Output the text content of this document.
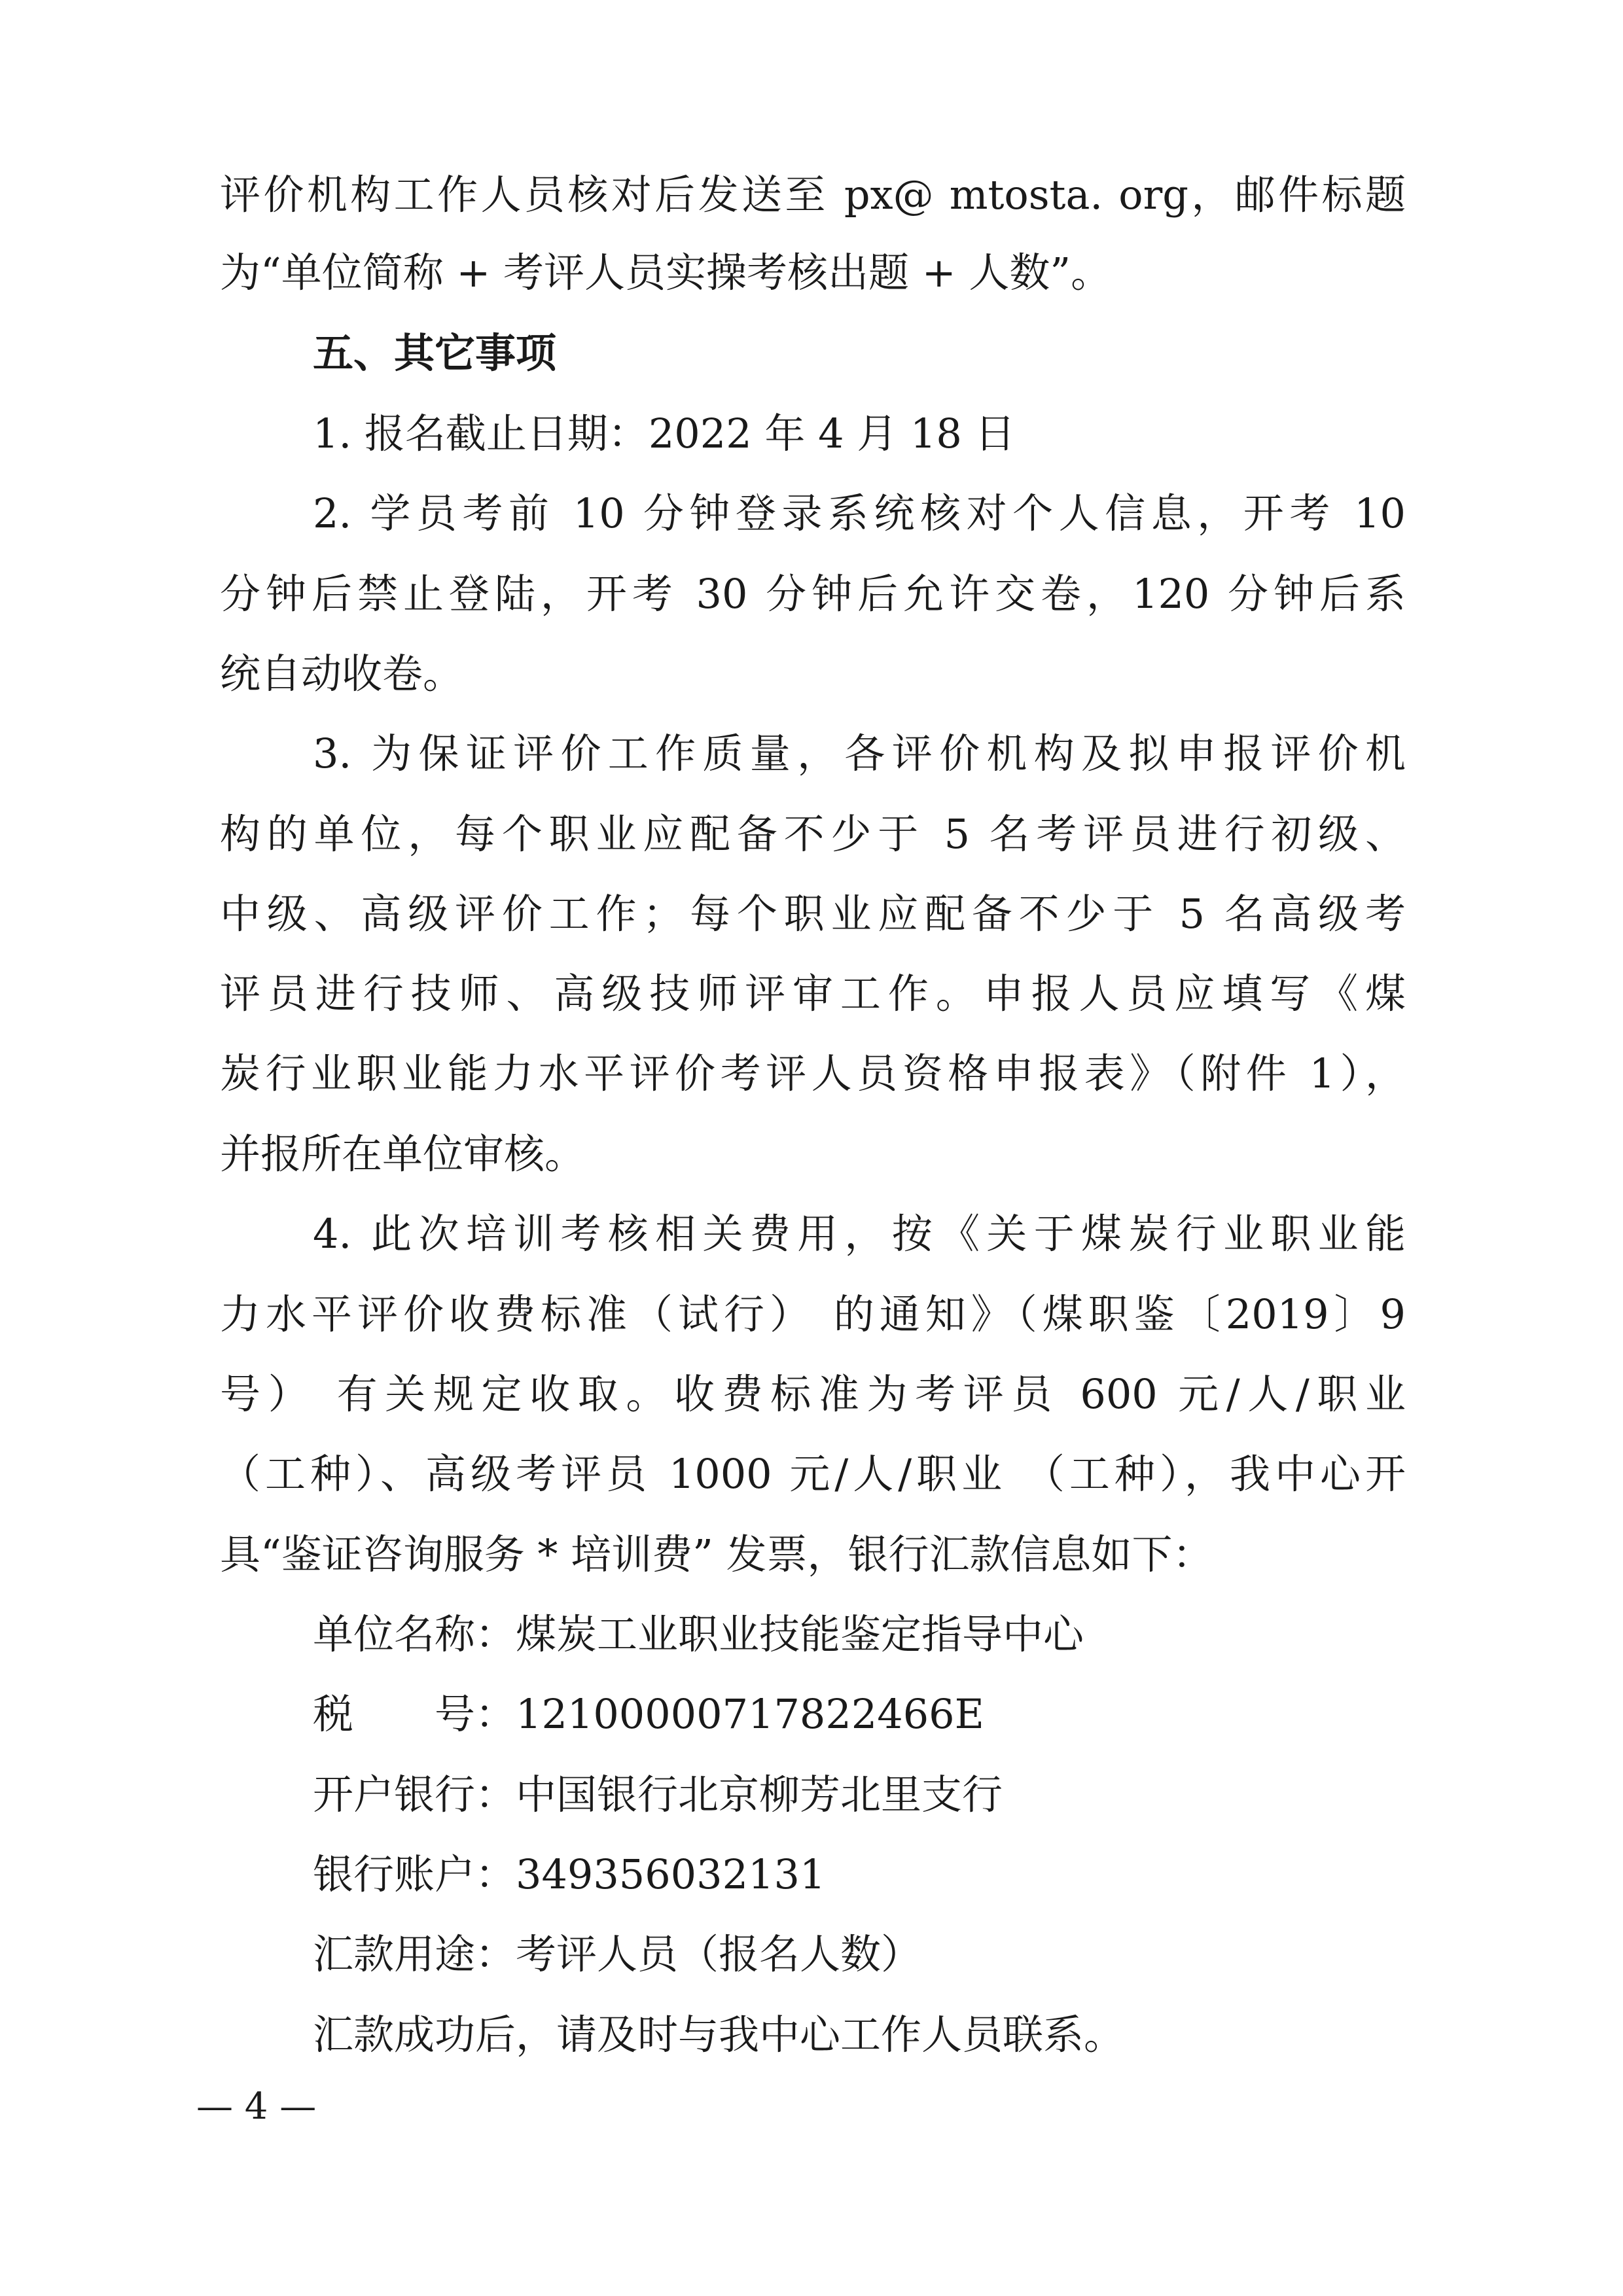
评价机构工作人员核对后发送至 px@ mtosta. org，邮件标题
为“单位简称 + 考评人员实操考核出题 + 人数”。
五、其它事项
1. 报名截止日期：2022 年 4 月 18 日
2. 学员考前 10 分钟登录系统核对个人信息，开考 10
分钟后禁止登陆，开考 30 分钟后允许交卷，120 分钟后系
统自动收卷。
3. 为保证评价工作质量，各评价机构及拟申报评价机
构的单位，每个职业应配备不少于 5 名考评员进行初级、
中级、高级评价工作；每个职业应配备不少于 5 名高级考
评员进行技师、高级技师评审工作。申报人员应填写《煤
炭行业职业能力水平评价考评人员资格申报表》（附件 1），
并报所在单位审核。
4. 此次培训考核相关费用，按《关于煤炭行业职业能
力水平评价收费标准（试行） 的通知》（煤职鉴〔2019〕9
号） 有关规定收取。收费标准为考评员 600 元/人/职业
（工种）、高级考评员 1000 元/人/职业 （工种），我中心开
具“鉴证咨询服务 * 培训费” 发票，银行汇款信息如下：
单位名称：煤炭工业职业技能鉴定指导中心
税　　号：12100000717822466E
开户银行：中国银行北京柳芳北里支行
银行账户：349356032131
汇款用途：考评人员（报名人数）
汇款成功后，请及时与我中心工作人员联系。
— 4 —
